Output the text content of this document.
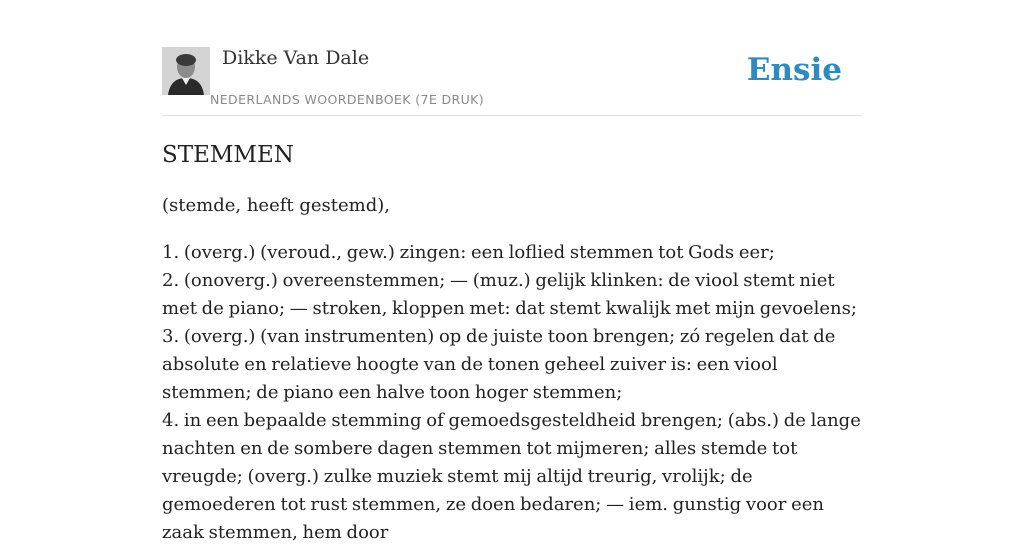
Dikke Van Dale
NEDERLANDS WOORDENBOEK (7E DRUK)
Ensie
STEMMEN
(stemde, heeft gestemd),
1. (overg.) (veroud., gew.) zingen: een loflied stemmen tot Gods eer;
2. (onoverg.) overeenstemmen; — (muz.) gelijk klinken: de viool stemt niet met de piano; — stroken, kloppen met: dat stemt kwalijk met mijn gevoelens;
3. (overg.) (van instrumenten) op de juiste toon brengen; zó regelen dat de absolute en relatieve hoogte van de tonen geheel zuiver is: een viool stemmen; de piano een halve toon hoger stemmen;
4. in een bepaalde stemming of gemoedsgesteldheid brengen; (abs.) de lange nachten en de sombere dagen stemmen tot mijmeren; alles stemde tot vreugde; (overg.) zulke muziek stemt mij altijd treurig, vrolijk; de gemoederen tot rust stemmen, ze doen bedaren; — iem. gunstig voor een zaak stemmen, hem door
